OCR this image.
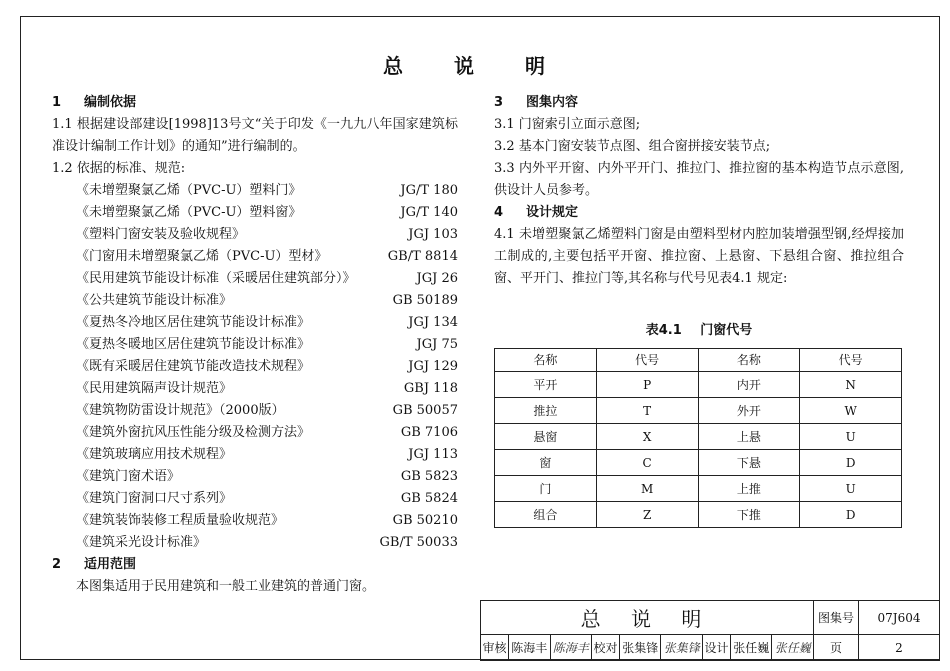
总 说 明
1 编制依据
1.1 根据建设部建设[1998]13号文“关于印发《一九九八年国家建筑标准设计编制工作计划》的通知”进行编制的。
1.2 依据的标准、规范:
《未增塑聚氯乙烯（PVC-U）塑料门》	JG/T 180
《未增塑聚氯乙烯（PVC-U）塑料窗》	JG/T 140
《塑料门窗安装及验收规程》	JGJ 103
《门窗用未增塑聚氯乙烯（PVC-U）型材》	GB/T 8814
《民用建筑节能设计标准（采暖居住建筑部分）》	JGJ 26
《公共建筑节能设计标准》	GB 50189
《夏热冬冷地区居住建筑节能设计标准》	JGJ 134
《夏热冬暖地区居住建筑节能设计标准》	JGJ 75
《既有采暖居住建筑节能改造技术规程》	JGJ 129
《民用建筑隔声设计规范》	GBJ 118
《建筑物防雷设计规范》（2000版）	GB 50057
《建筑外窗抗风压性能分级及检测方法》	GB 7106
《建筑玻璃应用技术规程》	JGJ 113
《建筑门窗术语》	GB 5823
《建筑门窗洞口尺寸系列》	GB 5824
《建筑装饰装修工程质量验收规范》	GB 50210
《建筑采光设计标准》	GB/T 50033
2 适用范围
本图集适用于民用建筑和一般工业建筑的普通门窗。
3 图集内容
3.1 门窗索引立面示意图;
3.2 基本门窗安装节点图、组合窗拼接安装节点;
3.3 内外平开窗、内外平开门、推拉门、推拉窗的基本构造节点示意图,供设计人员参考。
4 设计规定
4.1 未增塑聚氯乙烯塑料门窗是由塑料型材内腔加装增强型钢,经焊接加工制成的,主要包括平开窗、推拉窗、上悬窗、下悬组合窗、推拉组合窗、平开门、推拉门等,其名称与代号见表4.1 规定:
表4.1 门窗代号
名称	代号	名称	代号
平开	P	内开	N
推拉	T	外开	W
悬窗	X	上悬	U
窗	C	下悬	D
门	M	上推	U
组合	Z	下推	D
总 说 明									图集号	07J604
审核	陈海丰	陈海丰	校对	张集锋	张集锋	设计	张任巍	张任巍	页	2
